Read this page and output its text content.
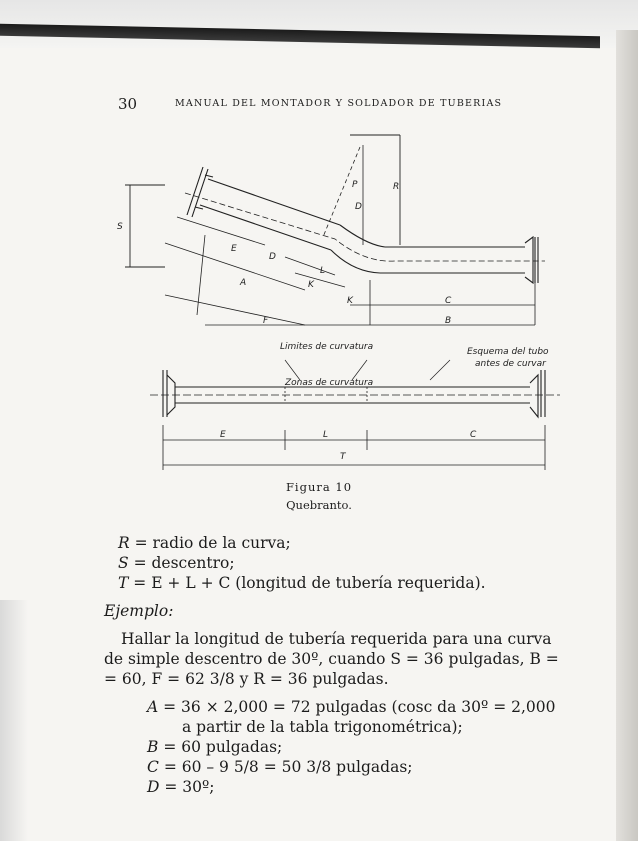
30	MANUAL DEL MONTADOR Y SOLDADOR DE TUBERIAS
S
R
P
D
D
E
A	K
L
K
F
C
B
Limites de curvatura	Esquema del tubo
antes de curvar
Zonas de curvatura
E	L	C
T
Figura 10
Quebranto.
R = radio de la curva;
S = descentro;
T = E + L + C (longitud de tubería requerida).
Ejemplo:
Hallar la longitud de tubería requerida para una curva
de simple descentro de 30º, cuando S = 36 pulgadas, B =
= 60, F = 62 3/8 y R = 36 pulgadas.
A = 36 × 2,000 = 72 pulgadas (cosc da 30º = 2,000
a partir de la tabla trigonométrica);
B = 60 pulgadas;
C = 60 – 9 5/8 = 50 3/8 pulgadas;
D = 30º;
